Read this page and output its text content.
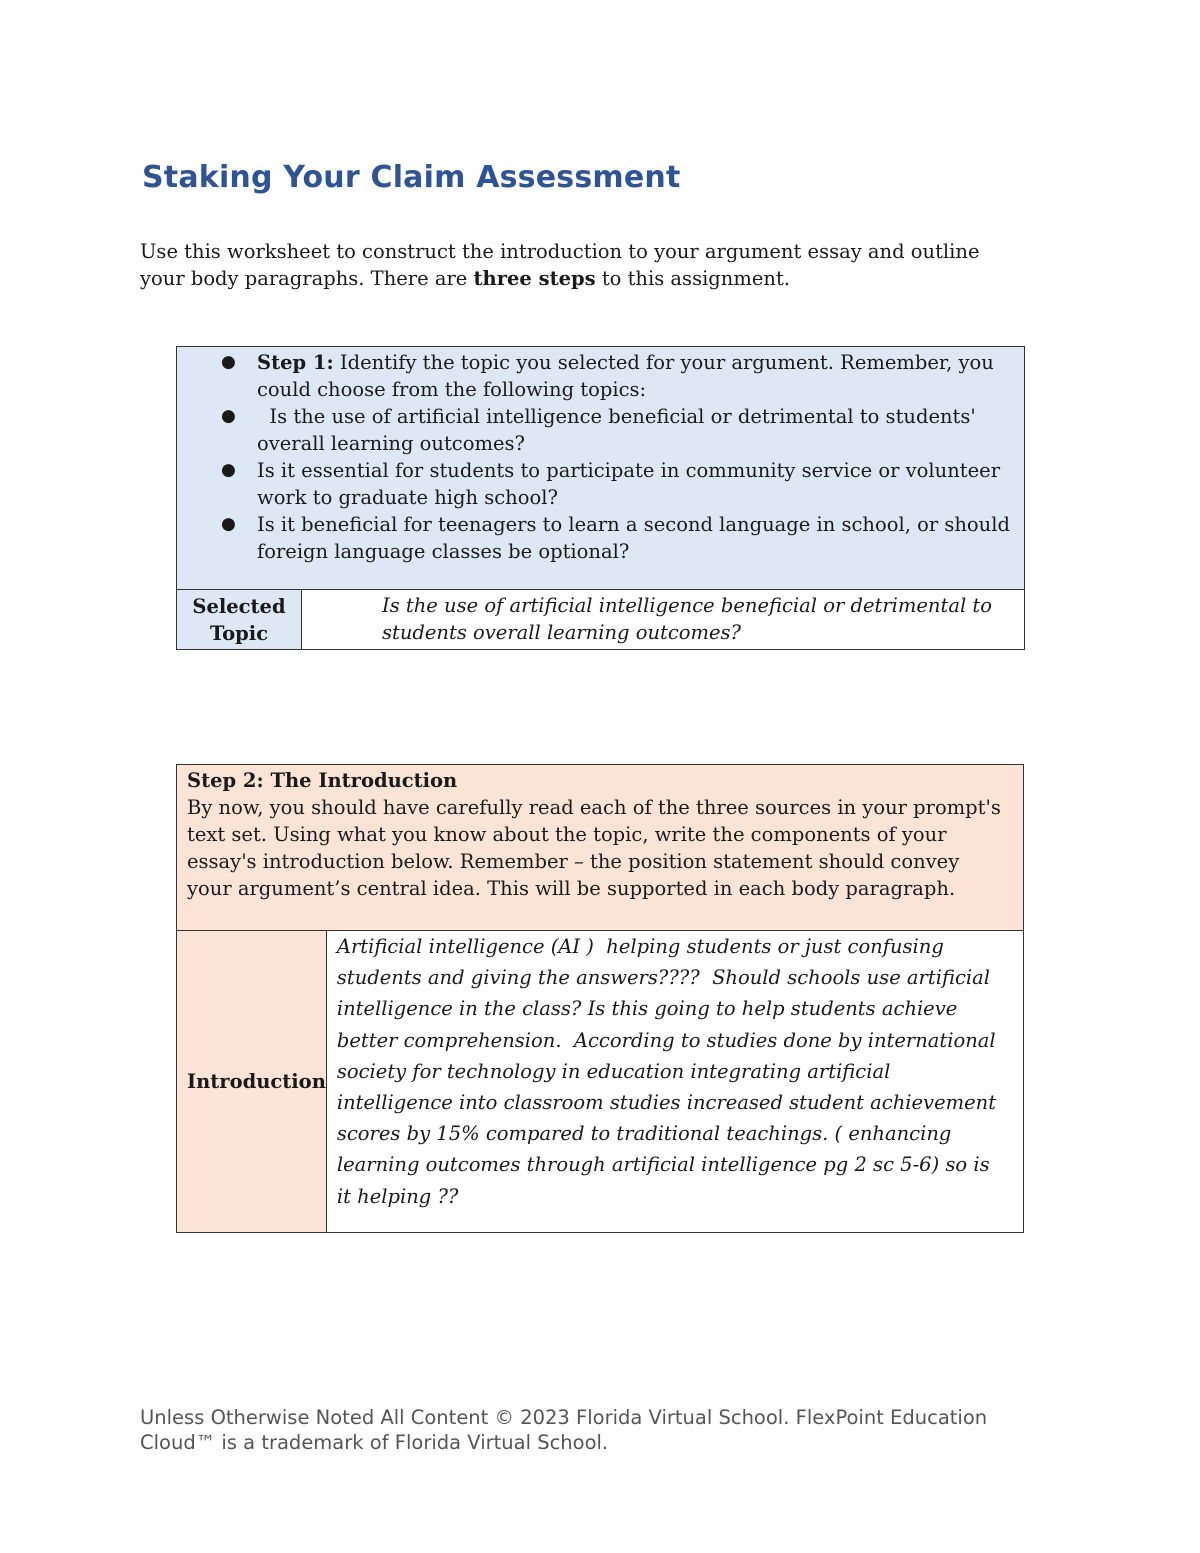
Staking Your Claim Assessment

Use this worksheet to construct the introduction to your argument essay and outline your body paragraphs. There are three steps to this assignment.

● Step 1: Identify the topic you selected for your argument. Remember, you could choose from the following topics:
● Is the use of artificial intelligence beneficial or detrimental to students' overall learning outcomes?
● Is it essential for students to participate in community service or volunteer work to graduate high school?
● Is it beneficial for teenagers to learn a second language in school, or should foreign language classes be optional?

Selected Topic	Is the use of artificial intelligence beneficial or detrimental to students overall learning outcomes?
Step 2: The Introduction
By now, you should have carefully read each of the three sources in your prompt's text set. Using what you know about the topic, write the components of your essay's introduction below. Remember – the position statement should convey your argument’s central idea. This will be supported in each body paragraph.
Introduction	Artificial intelligence (AI )  helping students or just confusing students and giving the answers????  Should schools use artificial intelligence in the class? Is this going to help students achieve better comprehension.  According to studies done by international society for technology in education integrating artificial intelligence into classroom studies increased student achievement scores by 15% compared to traditional teachings. ( enhancing learning outcomes through artificial intelligence pg 2 sc 5-6) so is it helping ??

Unless Otherwise Noted All Content © 2023 Florida Virtual School. FlexPoint Education Cloud™ is a trademark of Florida Virtual School.
